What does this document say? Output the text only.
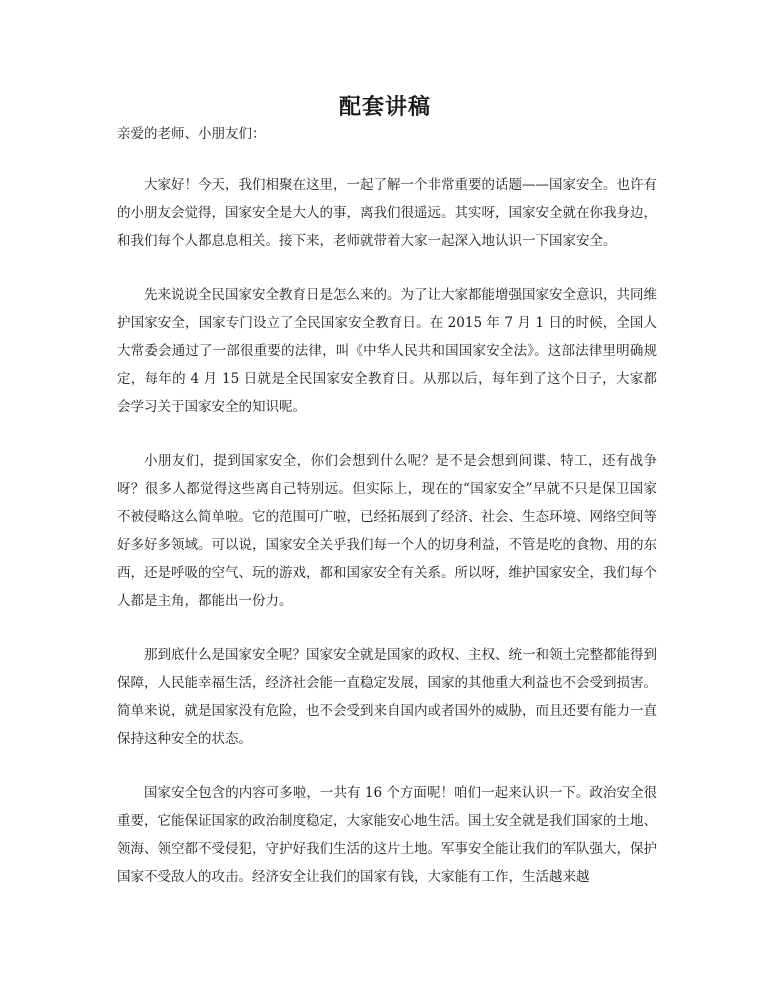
配套讲稿

亲爱的老师、小朋友们：

大家好！今天，我们相聚在这里，一起了解一个非常重要的话题——国家安全。也许有的小朋友会觉得，国家安全是大人的事，离我们很遥远。其实呀，国家安全就在你我身边，和我们每个人都息息相关。接下来，老师就带着大家一起深入地认识一下国家安全。

先来说说全民国家安全教育日是怎么来的。为了让大家都能增强国家安全意识，共同维护国家安全，国家专门设立了全民国家安全教育日。在 2015 年 7 月 1 日的时候，全国人大常委会通过了一部很重要的法律，叫《中华人民共和国国家安全法》。这部法律里明确规定，每年的 4 月 15 日就是全民国家安全教育日。从那以后，每年到了这个日子，大家都会学习关于国家安全的知识呢。

小朋友们，提到国家安全，你们会想到什么呢？是不是会想到间谍、特工，还有战争呀？很多人都觉得这些离自己特别远。但实际上，现在的“国家安全”早就不只是保卫国家不被侵略这么简单啦。它的范围可广啦，已经拓展到了经济、社会、生态环境、网络空间等好多好多领域。可以说，国家安全关乎我们每一个人的切身利益，不管是吃的食物、用的东西，还是呼吸的空气、玩的游戏，都和国家安全有关系。所以呀，维护国家安全，我们每个人都是主角，都能出一份力。

那到底什么是国家安全呢？国家安全就是国家的政权、主权、统一和领土完整都能得到保障，人民能幸福生活，经济社会能一直稳定发展，国家的其他重大利益也不会受到损害。简单来说，就是国家没有危险，也不会受到来自国内或者国外的威胁，而且还要有能力一直保持这种安全的状态。

国家安全包含的内容可多啦，一共有 16 个方面呢！咱们一起来认识一下。政治安全很重要，它能保证国家的政治制度稳定，大家能安心地生活。国土安全就是我们国家的土地、领海、领空都不受侵犯，守护好我们生活的这片土地。军事安全能让我们的军队强大，保护国家不受敌人的攻击。经济安全让我们的国家有钱，大家能有工作，生活越来越
